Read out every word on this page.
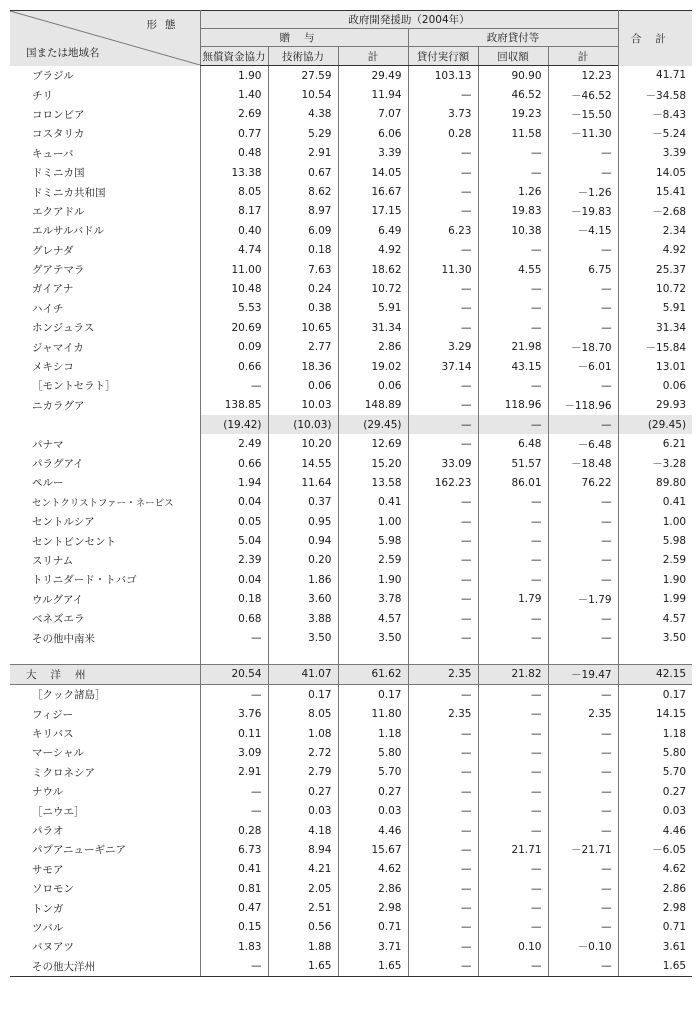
形態
国または地域名	政府開発援助（2004年）						合計
	贈与			政府貸付等			
	無償資金協力	技術協力	計	貸付実行額	回収額	計	
ブラジル	1.90	27.59	29.49	103.13	90.90	12.23	41.71
チリ	1.40	10.54	11.94	—	46.52	－46.52	－34.58
コロンビア	2.69	4.38	7.07	3.73	19.23	－15.50	－8.43
コスタリカ	0.77	5.29	6.06	0.28	11.58	－11.30	－5.24
キューバ	0.48	2.91	3.39	—	—	—	3.39
ドミニカ国	13.38	0.67	14.05	—	—	—	14.05
ドミニカ共和国	8.05	8.62	16.67	—	1.26	－1.26	15.41
エクアドル	8.17	8.97	17.15	—	19.83	－19.83	－2.68
エルサルバドル	0.40	6.09	6.49	6.23	10.38	－4.15	2.34
グレナダ	4.74	0.18	4.92	—	—	—	4.92
グアテマラ	11.00	7.63	18.62	11.30	4.55	6.75	25.37
ガイアナ	10.48	0.24	10.72	—	—	—	10.72
ハイチ	5.53	0.38	5.91	—	—	—	5.91
ホンジュラス	20.69	10.65	31.34	—	—	—	31.34
ジャマイカ	0.09	2.77	2.86	3.29	21.98	－18.70	－15.84
メキシコ	0.66	18.36	19.02	37.14	43.15	－6.01	13.01
［モントセラト］	—	0.06	0.06	—	—	—	0.06
ニカラグア	138.85	10.03	148.89	—	118.96	－118.96	29.93
	(19.42)	(10.03)	(29.45)	—	—	—	(29.45)
パナマ	2.49	10.20	12.69	—	6.48	－6.48	6.21
パラグアイ	0.66	14.55	15.20	33.09	51.57	－18.48	－3.28
ペルー	1.94	11.64	13.58	162.23	86.01	76.22	89.80
セントクリストファー・ネービス	0.04	0.37	0.41	—	—	—	0.41
セントルシア	0.05	0.95	1.00	—	—	—	1.00
セントビンセント	5.04	0.94	5.98	—	—	—	5.98
スリナム	2.39	0.20	2.59	—	—	—	2.59
トリニダード・トバゴ	0.04	1.86	1.90	—	—	—	1.90
ウルグアイ	0.18	3.60	3.78	—	1.79	－1.79	1.99
ベネズエラ	0.68	3.88	4.57	—	—	—	4.57
その他中南米	—	3.50	3.50	—	—	—	3.50

大洋州	20.54	41.07	61.62	2.35	21.82	－19.47	42.15
［クック諸島］	—	0.17	0.17	—	—	—	0.17
フィジー	3.76	8.05	11.80	2.35	—	2.35	14.15
キリバス	0.11	1.08	1.18	—	—	—	1.18
マーシャル	3.09	2.72	5.80	—	—	—	5.80
ミクロネシア	2.91	2.79	5.70	—	—	—	5.70
ナウル	—	0.27	0.27	—	—	—	0.27
［ニウエ］	—	0.03	0.03	—	—	—	0.03
パラオ	0.28	4.18	4.46	—	—	—	4.46
パプアニューギニア	6.73	8.94	15.67	—	21.71	－21.71	－6.05
サモア	0.41	4.21	4.62	—	—	—	4.62
ソロモン	0.81	2.05	2.86	—	—	—	2.86
トンガ	0.47	2.51	2.98	—	—	—	2.98
ツバル	0.15	0.56	0.71	—	—	—	0.71
バヌアツ	1.83	1.88	3.71	—	0.10	－0.10	3.61
その他大洋州	—	1.65	1.65	—	—	—	1.65
